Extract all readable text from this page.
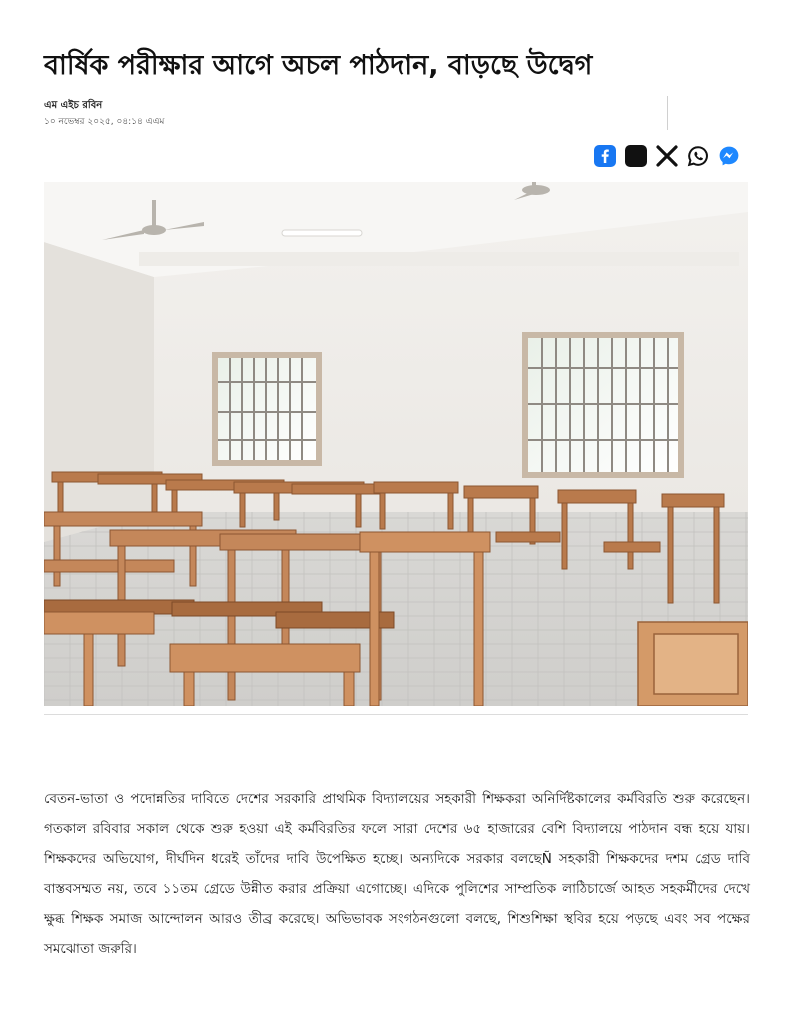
বার্ষিক পরীক্ষার আগে অচল পাঠদান, বাড়ছে উদ্বেগ
এম এইচ রবিন
১০ নভেম্বর ২০২৫, ০৪:১৪ এএম

বেতন-ভাতা ও পদোন্নতির দাবিতে দেশের সরকারি প্রাথমিক বিদ্যালয়ের সহকারী শিক্ষকরা অনির্দিষ্টকালের কর্মবিরতি শুরু করেছেন। গতকাল রবিবার সকাল থেকে শুরু হওয়া এই কর্মবিরতির ফলে সারা দেশের ৬৫ হাজারের বেশি বিদ্যালয়ে পাঠদান বন্ধ হয়ে যায়। শিক্ষকদের অভিযোগ, দীর্ঘদিন ধরেই তাঁদের দাবি উপেক্ষিত হচ্ছে। অন্যদিকে সরকার বলছেÑ সহকারী শিক্ষকদের দশম গ্রেড দাবি বাস্তবসম্মত নয়, তবে ১১তম গ্রেডে উন্নীত করার প্রক্রিয়া এগোচ্ছে। এদিকে পুলিশের সাম্প্রতিক লাঠিচার্জে আহত সহকর্মীদের দেখে ক্ষুব্ধ শিক্ষক সমাজ আন্দোলন আরও তীব্র করেছে। অভিভাবক সংগঠনগুলো বলছে, শিশুশিক্ষা স্থবির হয়ে পড়ছে এবং সব পক্ষের সমঝোতা জরুরি।
